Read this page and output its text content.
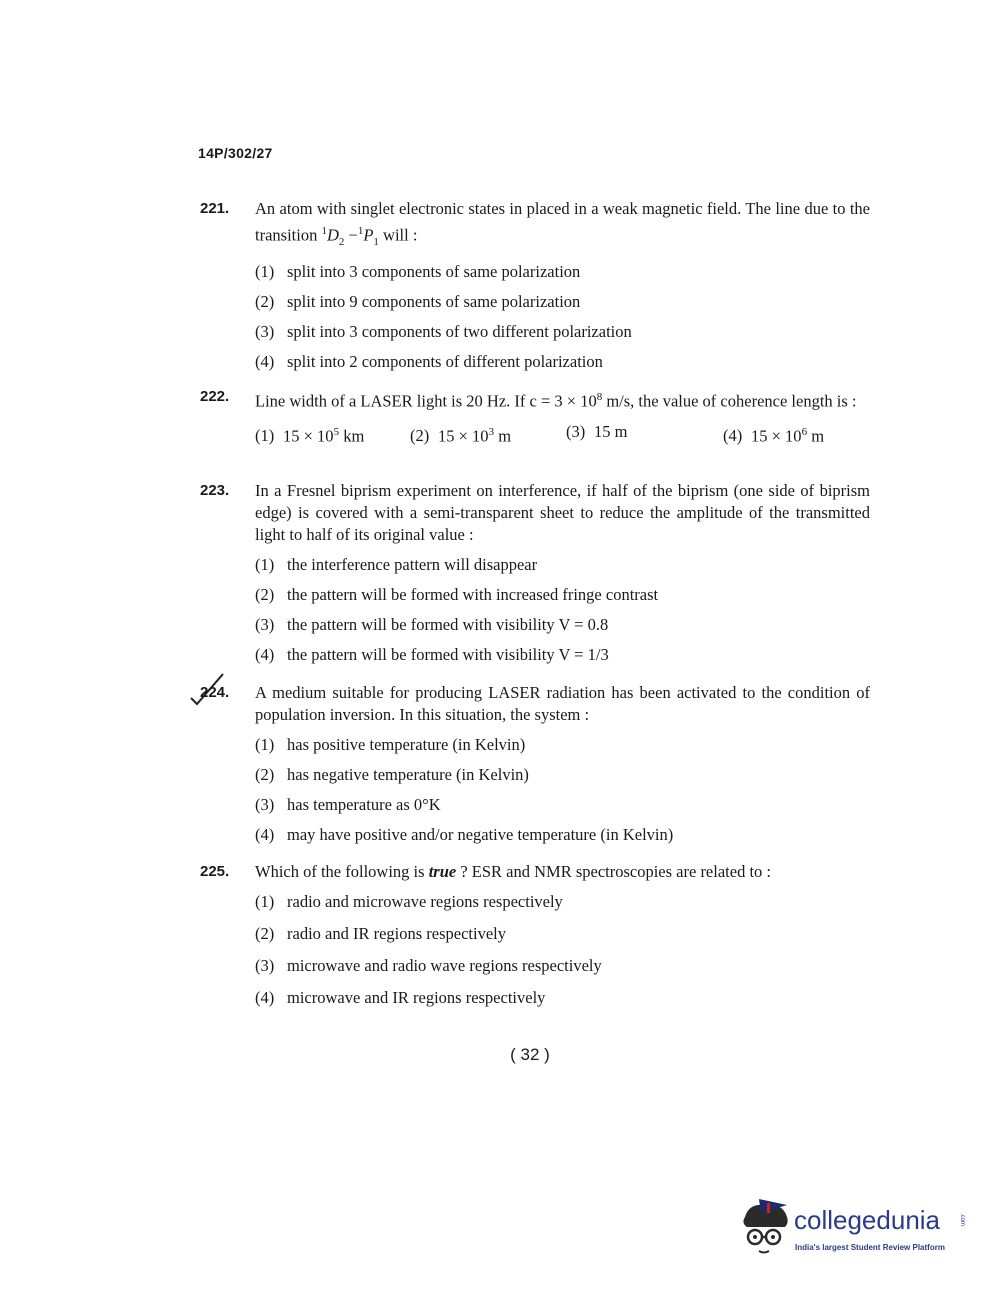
14P/302/27
221.	An atom with singlet electronic states in placed in a weak magnetic field. The line due to the transition $^1D_2 -^1P_1$ will :
(1) split into 3 components of same polarization
(2) split into 9 components of same polarization
(3) split into 3 components of two different polarization
(4) split into 2 components of different polarization
222.	Line width of a LASER light is 20 Hz. If $c = 3 \times 10^8$ m/s, the value of coherence length is :
(1) $15 \times 10^5$ km	(2) $15 \times 10^3$ m	(3) 15 m	(4) $15 \times 10^6$ m
223.	In a Fresnel biprism experiment on interference, if half of the biprism (one side of biprism edge) is covered with a semi-transparent sheet to reduce the amplitude of the transmitted light to half of its original value :
(1) the interference pattern will disappear
(2) the pattern will be formed with increased fringe contrast
(3) the pattern will be formed with visibility V = 0.8
(4) the pattern will be formed with visibility V = 1/3
224.	A medium suitable for producing LASER radiation has been activated to the condition of population inversion. In this situation, the system :
(1) has positive temperature (in Kelvin)
(2) has negative temperature (in Kelvin)
(3) has temperature as 0°K
(4) may have positive and/or negative temperature (in Kelvin)
225.	Which of the following is true ? ESR and NMR spectroscopies are related to :
(1) radio and microwave regions respectively
(2) radio and IR regions respectively
(3) microwave and radio wave regions respectively
(4) microwave and IR regions respectively
( 32 )
collegedunia	.com
India's largest Student Review Platform
